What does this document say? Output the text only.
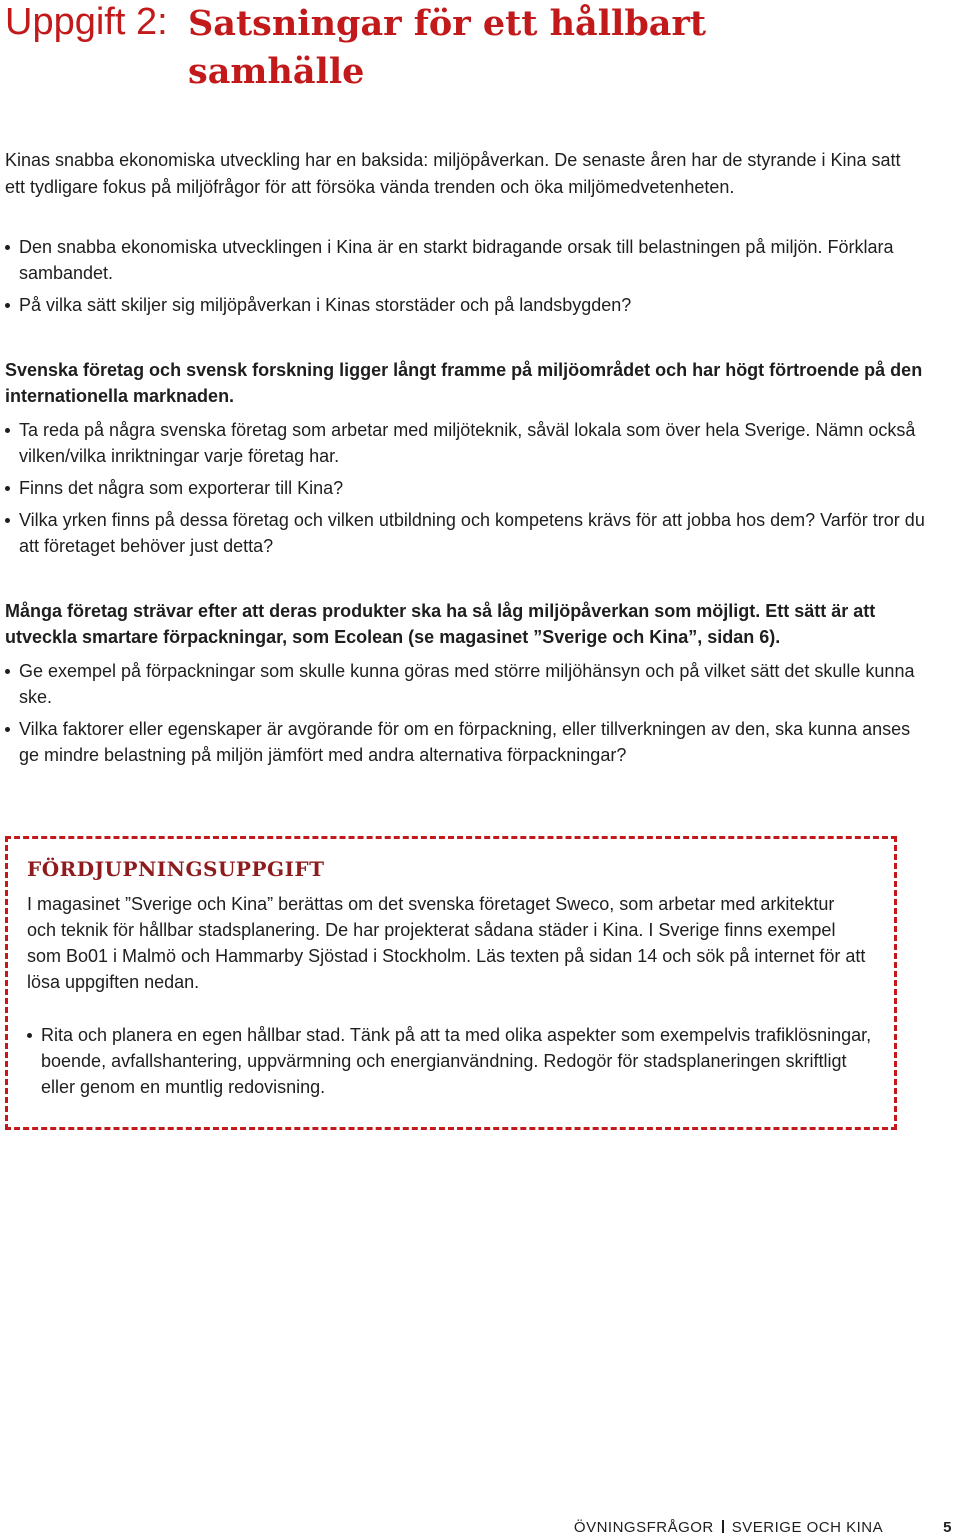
Uppgift 2: Satsningar för ett hållbart samhälle

Kinas snabba ekonomiska utveckling har en baksida: miljöpåverkan. De senaste åren har de styrande i Kina satt ett tydligare fokus på miljöfrågor för att försöka vända trenden och öka miljömedvetenheten.

Den snabba ekonomiska utvecklingen i Kina är en starkt bidragande orsak till belastningen på miljön. Förklara sambandet.
På vilka sätt skiljer sig miljöpåverkan i Kinas storstäder och på landsbygden?

Svenska företag och svensk forskning ligger långt framme på miljöområdet och har högt förtroende på den internationella marknaden.

Ta reda på några svenska företag som arbetar med miljöteknik, såväl lokala som över hela Sverige. Nämn också vilken/vilka inriktningar varje företag har.
Finns det några som exporterar till Kina?
Vilka yrken finns på dessa företag och vilken utbildning och kompetens krävs för att jobba hos dem? Varför tror du att företaget behöver just detta?

Många företag strävar efter att deras produkter ska ha så låg miljöpåverkan som möjligt. Ett sätt är att utveckla smartare förpackningar, som Ecolean (se magasinet ”Sverige och Kina”, sidan 6).

Ge exempel på förpackningar som skulle kunna göras med större miljöhänsyn och på vilket sätt det skulle kunna ske.
Vilka faktorer eller egenskaper är avgörande för om en förpackning, eller tillverkningen av den, ska kunna anses ge mindre belastning på miljön jämfört med andra alternativa förpackningar?
FÖRDJUPNINGSUPPGIFT

I magasinet ”Sverige och Kina” berättas om det svenska företaget Sweco, som arbetar med arkitektur och teknik för hållbar stadsplanering. De har projekterat sådana städer i Kina. I Sverige finns exempel som Bo01 i Malmö och Hammarby Sjöstad i Stockholm. Läs texten på sidan 14 och sök på internet för att lösa uppgiften nedan.

Rita och planera en egen hållbar stad. Tänk på att ta med olika aspekter som exempelvis trafiklösningar, boende, avfallshantering, uppvärmning och energianvändning. Redogör för stadsplaneringen skriftligt eller genom en muntlig redovisning.
ÖVNINGSFRÅGOR SVERIGE OCH KINA	5
